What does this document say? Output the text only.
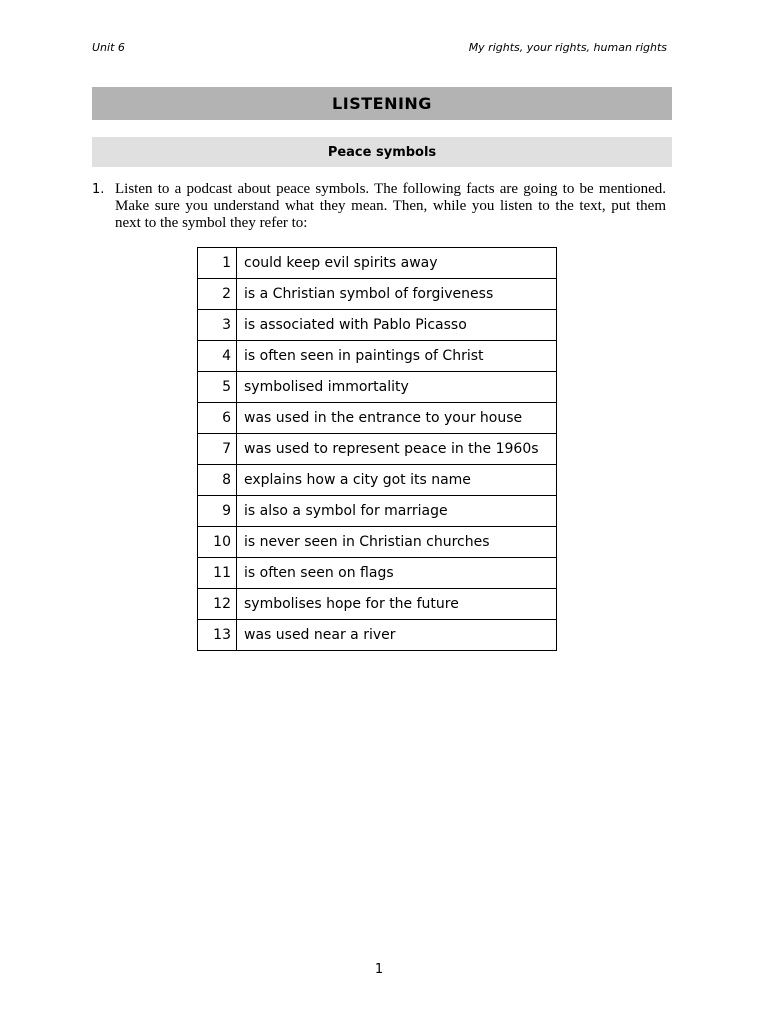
Unit 6	My rights, your rights, human rights
LISTENING
Peace symbols
1. Listen to a podcast about peace symbols. The following facts are going to be mentioned. Make sure you understand what they mean. Then, while you listen to the text, put them next to the symbol they refer to:
1	could keep evil spirits away
2	is a Christian symbol of forgiveness
3	is associated with Pablo Picasso
4	is often seen in paintings of Christ
5	symbolised immortality
6	was used in the entrance to your house
7	was used to represent peace in the 1960s
8	explains how a city got its name
9	is also a symbol for marriage
10	is never seen in Christian churches
11	is often seen on flags
12	symbolises hope for the future
13	was used near a river
1
